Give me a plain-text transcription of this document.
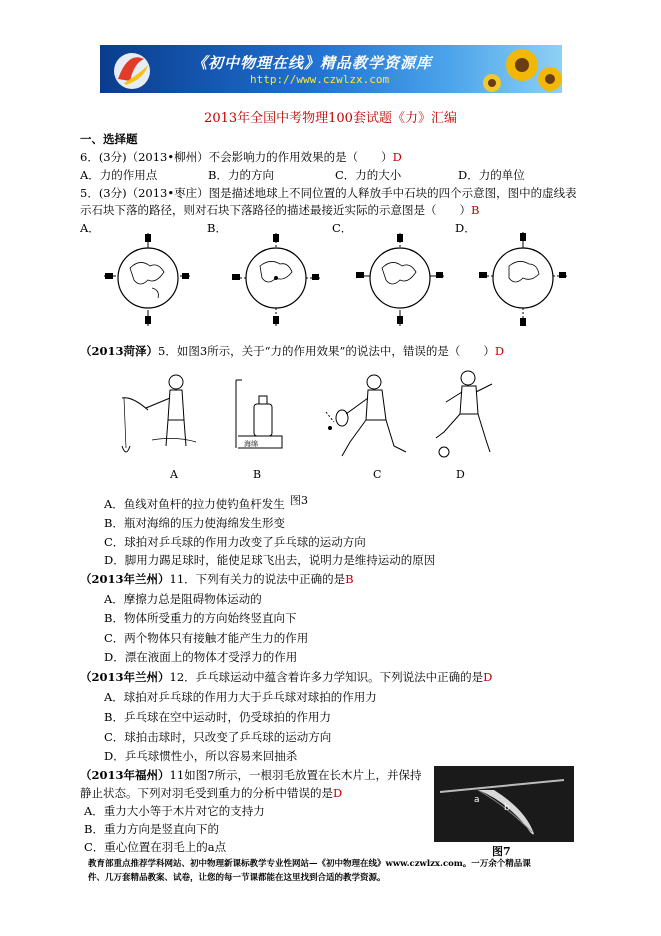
《初中物理在线》精品教学资源库
http://www.czwlzx.com
2013年全国中考物理100套试题《力》汇编
一、选择题
6．(3分)（2013•柳州）不会影响力的作用效果的是（　　）D
A．力的作用点	B．力的方向	C．力的大小	D．力的单位
5．(3分)（2013•枣庄）图是描述地球上不同位置的人释放手中石块的四个示意图，图中的虚线表
示石块下落的路径，则对石块下落路径的描述最接近实际的示意图是（　　）B
A．	B．	C．	D．
（2013菏泽）5．如图3所示，关于“力的作用效果”的说法中，错误的是（　　）D
海绵
A	B	C	D
图3
A．鱼线对鱼杆的拉力使钓鱼杆发生
B．瓶对海绵的压力使海绵发生形变
C．球拍对乒乓球的作用力改变了乒乓球的运动方向
D．脚用力踢足球时，能使足球飞出去，说明力是维持运动的原因
（2013年兰州）11．下列有关力的说法中正确的是B
A．摩擦力总是阻碍物体运动的
B．物体所受重力的方向始终竖直向下
C．两个物体只有接触才能产生力的作用
D．漂在液面上的物体才受浮力的作用
（2013年兰州）12．乒乓球运动中蕴含着许多力学知识。下列说法中正确的是D
A．球拍对乒乓球的作用力大于乒乓球对球拍的作用力
B．乒乓球在空中运动时，仍受球拍的作用力
C．球拍击球时，只改变了乒乓球的运动方向
D．乒乓球惯性小，所以容易来回抽杀
（2013年福州）11如图7所示，一根羽毛放置在长木片上，并保持
静止状态。下列对羽毛受到重力的分析中错误的是D
A．重力大小等于木片对它的支持力
B．重力方向是竖直向下的
C．重心位置在羽毛上的a点
a
b
图7
教育部重点推荐学科网站、初中物理新课标教学专业性网站—《初中物理在线》www.czwlzx.com。一万余个精品课
件、几万套精品教案、试卷，让您的每一节课都能在这里找到合适的教学资源。
